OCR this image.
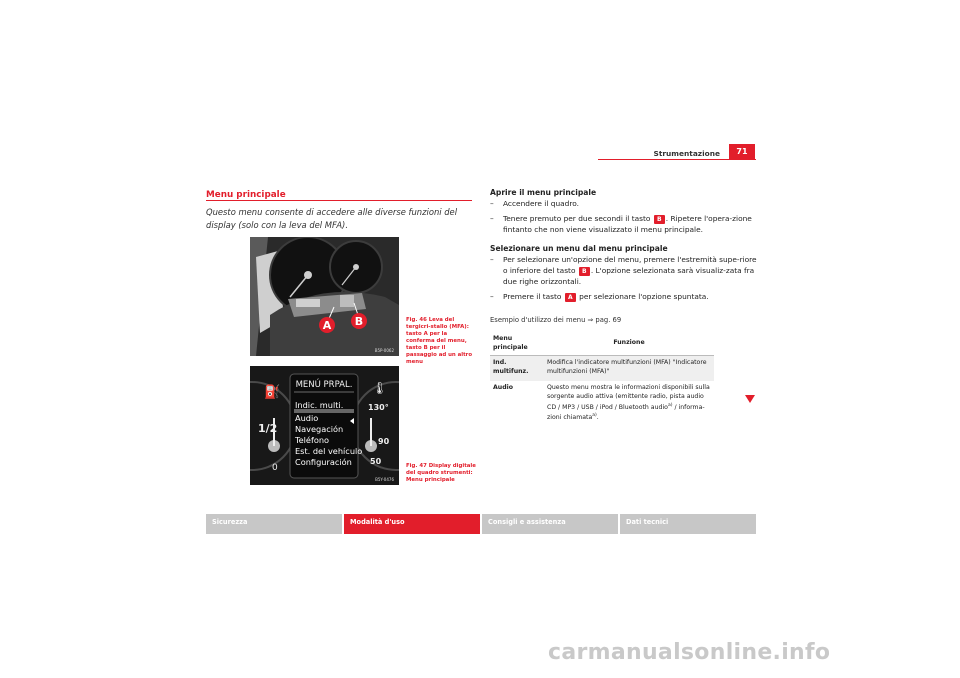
Strumentazione	71
Menu principale
Questo menu consente di accedere alle diverse funzioni del display (solo con la leva del MFA).
A B
B5P-0062
Fig. 46 Leva del tergicri-stallo (MFA): tasto A per la conferma del menu, tasto B per il passaggio ad un altro menu
⛽
1/2
0
🌡
130°
90
50
MENÚ PRPAL.
Indic. multi.
Audio
Navegación
Teléfono
Est. del vehículo
Configuración
B5Y-0476
Fig. 47 Display digitale del quadro strumenti: Menu principale
Aprire il menu principale
– Accendere il quadro.
– Tenere premuto per due secondi il tasto B . Ripetere l'opera-zione fintanto che non viene visualizzato il menu principale.
Selezionare un menu dal menu principale
– Per selezionare un'opzione del menu, premere l'estremità supe-riore o inferiore del tasto B . L'opzione selezionata sarà visualiz-zata fra due righe orizzontali.
– Premere il tasto A per selezionare l'opzione spuntata.
Esempio d'utilizzo dei menu ⇒ pag. 69
Menu principale	Funzione
Ind. multifunz.	Modifica l'indicatore multifunzioni (MFA) "Indicatore multifunzioni (MFA)"
Audio	Questo menu mostra le informazioni disponibili sulla sorgente audio attiva (emittente radio, pista audio CD / MP3 / USB / iPod / Bluetooth audio$^{a)}$ / informa-zioni chiamata$^{a)}$.
Sicurezza	Modalità d'uso	Consigli e assistenza	Dati tecnici
carmanualsonline.info
